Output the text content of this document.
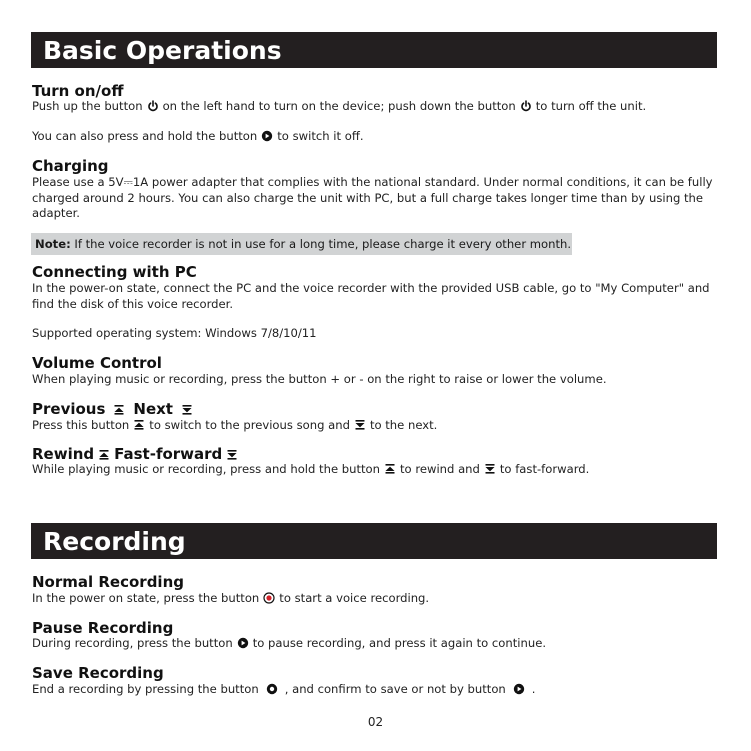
Basic Operations
Turn on/off
Push up the button on the left hand to turn on the device; push down the button to turn off the unit.
You can also press and hold the button to switch it off.
Charging
Please use a 5V⎓1A power adapter that complies with the national standard. Under normal conditions, it can be fully charged around 2 hours. You can also charge the unit with PC, but a full charge takes longer time than by using the adapter.
Note: If the voice recorder is not in use for a long time, please charge it every other month.
Connecting with PC
In the power-on state, connect the PC and the voice recorder with the provided USB cable, go to "My Computer" and find the disk of this voice recorder.
Supported operating system: Windows 7/8/10/11
Volume Control
When playing music or recording, press the button + or - on the right to raise or lower the volume.
Previous Next
Press this button to switch to the previous song and to the next.
Rewind Fast-forward
While playing music or recording, press and hold the button to rewind and to fast-forward.
Recording
Normal Recording
In the power on state, press the button to start a voice recording.
Pause Recording
During recording, press the button to pause recording, and press it again to continue.
Save Recording
End a recording by pressing the button , and confirm to save or not by button .
02
